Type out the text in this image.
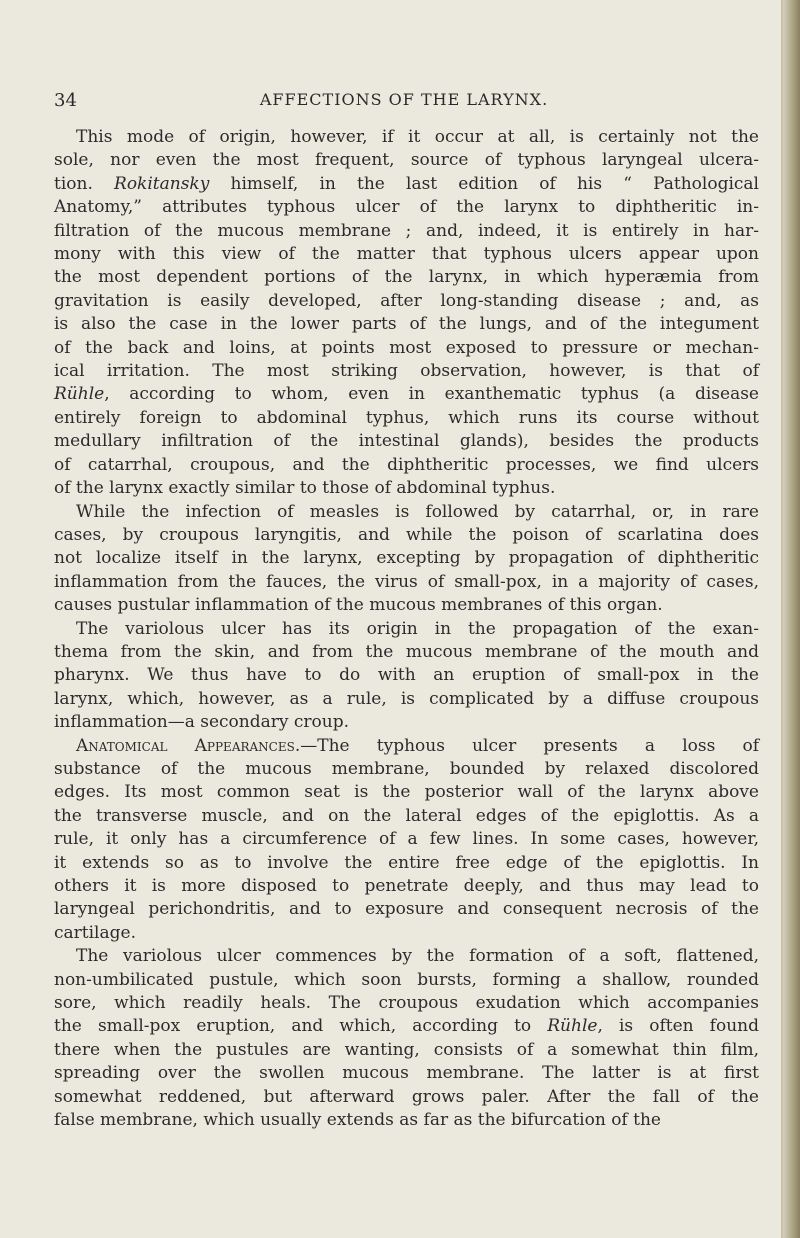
34	AFFECTIONS OF THE LARYNX.
This mode of origin, however, if it occur at all, is certainly not the
sole, nor even the most frequent, source of typhous laryngeal ulcera-
tion. Rokitansky himself, in the last edition of his “ Pathological
Anatomy,” attributes typhous ulcer of the larynx to diphtheritic in-
filtration of the mucous membrane ; and, indeed, it is entirely in har-
mony with this view of the matter that typhous ulcers appear upon
the most dependent portions of the larynx, in which hyperæmia from
gravitation is easily developed, after long-standing disease ; and, as
is also the case in the lower parts of the lungs, and of the integument
of the back and loins, at points most exposed to pressure or mechan-
ical irritation. The most striking observation, however, is that of
Rühle, according to whom, even in exanthematic typhus (a disease
entirely foreign to abdominal typhus, which runs its course without
medullary infiltration of the intestinal glands), besides the products
of catarrhal, croupous, and the diphtheritic processes, we find ulcers
of the larynx exactly similar to those of abdominal typhus.
While the infection of measles is followed by catarrhal, or, in rare
cases, by croupous laryngitis, and while the poison of scarlatina does
not localize itself in the larynx, excepting by propagation of diphtheritic
inflammation from the fauces, the virus of small-pox, in a majority of cases,
causes pustular inflammation of the mucous membranes of this organ.
The variolous ulcer has its origin in the propagation of the exan-
thema from the skin, and from the mucous membrane of the mouth and
pharynx. We thus have to do with an eruption of small-pox in the
larynx, which, however, as a rule, is complicated by a diffuse croupous
inflammation—a secondary croup.
Anatomical Appearances.—The typhous ulcer presents a loss of
substance of the mucous membrane, bounded by relaxed discolored
edges. Its most common seat is the posterior wall of the larynx above
the transverse muscle, and on the lateral edges of the epiglottis. As a
rule, it only has a circumference of a few lines. In some cases, however,
it extends so as to involve the entire free edge of the epiglottis. In
others it is more disposed to penetrate deeply, and thus may lead to
laryngeal perichondritis, and to exposure and consequent necrosis of the
cartilage.
The variolous ulcer commences by the formation of a soft, flattened,
non-umbilicated pustule, which soon bursts, forming a shallow, rounded
sore, which readily heals. The croupous exudation which accompanies
the small-pox eruption, and which, according to Rühle, is often found
there when the pustules are wanting, consists of a somewhat thin film,
spreading over the swollen mucous membrane. The latter is at first
somewhat reddened, but afterward grows paler. After the fall of the
false membrane, which usually extends as far as the bifurcation of the
